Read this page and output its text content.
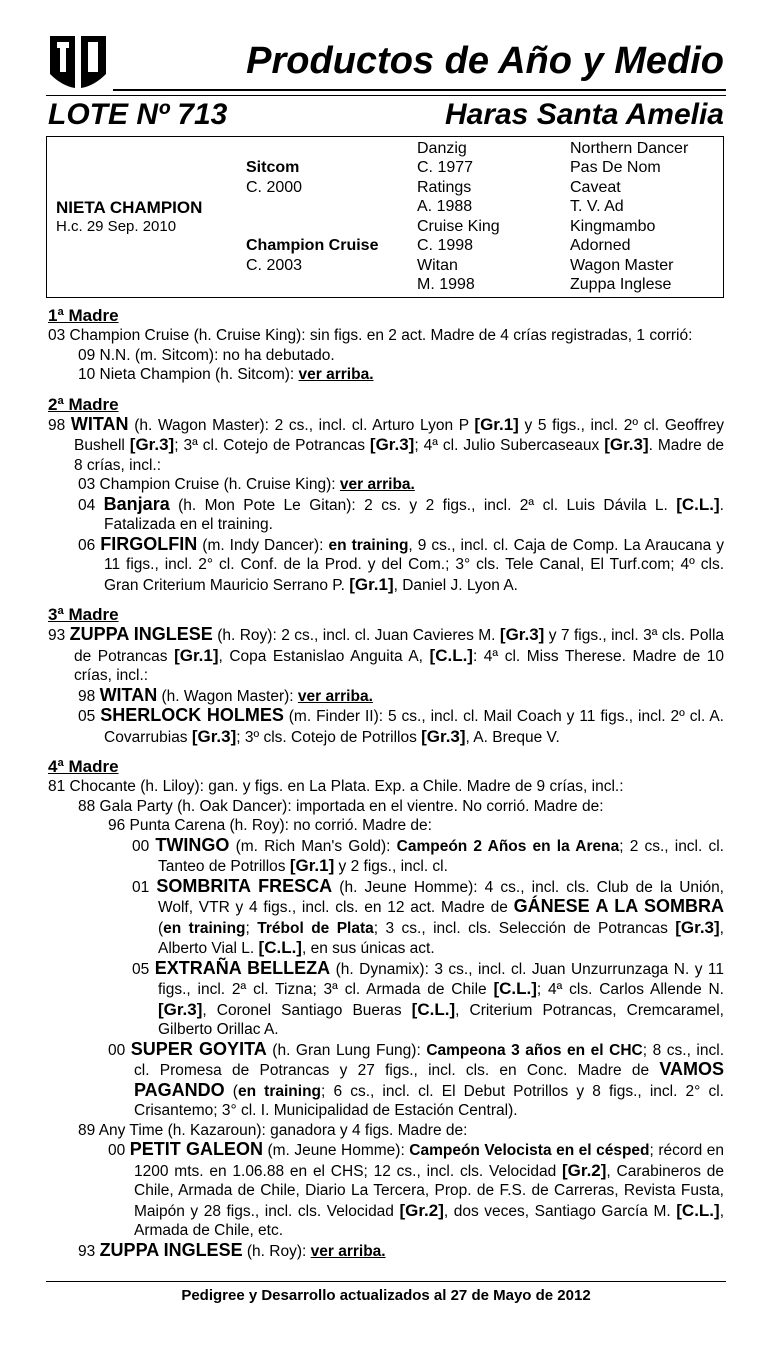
Productos de Año y Medio
LOTE Nº 713	Haras Santa Amelia
NIETA CHAMPION
H.c. 29 Sep. 2010
Sitcom
C. 2000
Champion Cruise
C. 2003
Danzig
C. 1977
Ratings
A. 1988
Cruise King
C. 1998
Witan
M. 1998
Northern Dancer
Pas De Nom
Caveat
T. V. Ad
Kingmambo
Adorned
Wagon Master
Zuppa Inglese
1ª Madre
03 Champion Cruise (h. Cruise King): sin figs. en 2 act. Madre de 4 crías registradas, 1 corrió:
09 N.N. (m. Sitcom): no ha debutado.
10 Nieta Champion (h. Sitcom): ver arriba.
2ª Madre
98 WITAN (h. Wagon Master): 2 cs., incl. cl. Arturo Lyon P [Gr.1] y 5 figs., incl. 2º cl. Geoffrey Bushell [Gr.3]; 3ª cl. Cotejo de Potrancas [Gr.3]; 4ª cl. Julio Subercaseaux [Gr.3]. Madre de 8 crías, incl.:
03 Champion Cruise (h. Cruise King): ver arriba.
04 Banjara (h. Mon Pote Le Gitan): 2 cs. y 2 figs., incl. 2ª cl. Luis Dávila L. [C.L.]. Fatalizada en el training.
06 FIRGOLFIN (m. Indy Dancer): en training, 9 cs., incl. cl. Caja de Comp. La Araucana y 11 figs., incl. 2° cl. Conf. de la Prod. y del Com.; 3° cls. Tele Canal, El Turf.com; 4º cls. Gran Criterium Mauricio Serrano P. [Gr.1], Daniel J. Lyon A.
3ª Madre
93 ZUPPA INGLESE (h. Roy): 2 cs., incl. cl. Juan Cavieres M. [Gr.3] y 7 figs., incl. 3ª cls. Polla de Potrancas [Gr.1], Copa Estanislao Anguita A, [C.L.]: 4ª cl. Miss Therese. Madre de 10 crías, incl.:
98 WITAN (h. Wagon Master): ver arriba.
05 SHERLOCK HOLMES (m. Finder II): 5 cs., incl. cl. Mail Coach y 11 figs., incl. 2º cl. A. Covarrubias [Gr.3]; 3º cls. Cotejo de Potrillos [Gr.3], A. Breque V.
4ª Madre
81 Chocante (h. Liloy): gan. y figs. en La Plata. Exp. a Chile. Madre de 9 crías, incl.:
88 Gala Party (h. Oak Dancer): importada en el vientre. No corrió. Madre de:
96 Punta Carena (h. Roy): no corrió. Madre de:
00 TWINGO (m. Rich Man's Gold): Campeón 2 Años en la Arena; 2 cs., incl. cl. Tanteo de Potrillos [Gr.1] y 2 figs., incl. cl.
01 SOMBRITA FRESCA (h. Jeune Homme): 4 cs., incl. cls. Club de la Unión, Wolf, VTR y 4 figs., incl. cls. en 12 act. Madre de GÁNESE A LA SOMBRA (en training; Trébol de Plata; 3 cs., incl. cls. Selección de Potrancas [Gr.3], Alberto Vial L. [C.L.], en sus únicas act.
05 EXTRAÑA BELLEZA (h. Dynamix): 3 cs., incl. cl. Juan Unzurrunzaga N. y 11 figs., incl. 2ª cl. Tizna; 3ª cl. Armada de Chile [C.L.]; 4ª cls. Carlos Allende N. [Gr.3], Coronel Santiago Bueras [C.L.], Criterium Potrancas, Cremcaramel, Gilberto Orillac A.
00 SUPER GOYITA (h. Gran Lung Fung): Campeona 3 años en el CHC; 8 cs., incl. cl. Promesa de Potrancas y 27 figs., incl. cls. en Conc. Madre de VAMOS PAGANDO (en training; 6 cs., incl. cl. El Debut Potrillos y 8 figs., incl. 2° cl. Crisantemo; 3° cl. I. Municipalidad de Estación Central).
89 Any Time (h. Kazaroun): ganadora y 4 figs. Madre de:
00 PETIT GALEON (m. Jeune Homme): Campeón Velocista en el césped; récord en 1200 mts. en 1.06.88 en el CHS; 12 cs., incl. cls. Velocidad [Gr.2], Carabineros de Chile, Armada de Chile, Diario La Tercera, Prop. de F.S. de Carreras, Revista Fusta, Maipón y 28 figs., incl. cls. Velocidad [Gr.2], dos veces, Santiago García M. [C.L.], Armada de Chile, etc.
93 ZUPPA INGLESE (h. Roy): ver arriba.
Pedigree y Desarrollo actualizados al 27 de Mayo de 2012
